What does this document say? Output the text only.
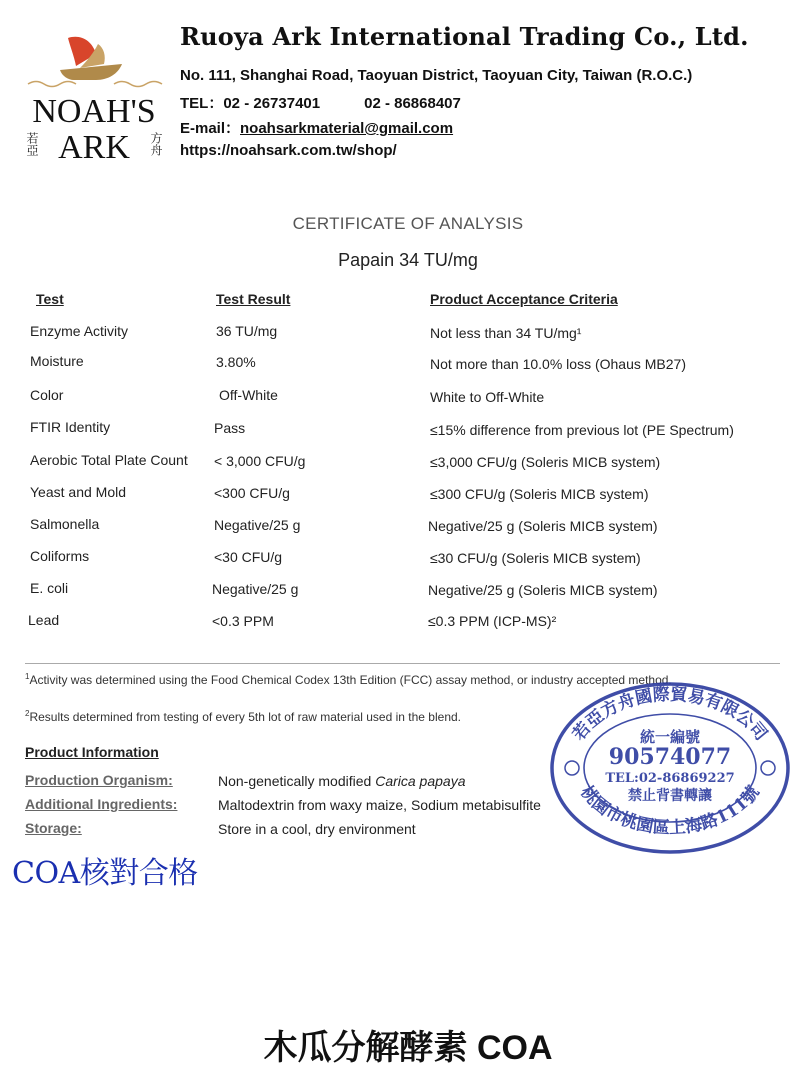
NOAH'S
若亞 ARK 方舟
Ruoya Ark International Trading Co., Ltd.
No. 111, Shanghai Road, Taoyuan District, Taoyuan City, Taiwan (R.O.C.)
TEL：02 - 26737401	02 - 86868407
E-mail：noahsarkmaterial@gmail.com
https://noahsark.com.tw/shop/
CERTIFICATE OF ANALYSIS
Papain 34 TU/mg
Test	Test Result	Product Acceptance Criteria
Enzyme Activity	36 TU/mg	Not less than 34 TU/mg¹
Moisture	3.80%	Not more than 10.0% loss (Ohaus MB27)
Color	Off-White	White to Off-White
FTIR Identity	Pass	≤15% difference from previous lot (PE Spectrum)
Aerobic Total Plate Count < 3,000 CFU/g	≤3,000 CFU/g (Soleris MICB system)
Yeast and Mold	<300 CFU/g	≤300 CFU/g (Soleris MICB system)
Salmonella	Negative/25 g	Negative/25 g (Soleris MICB system)
Coliforms	<30 CFU/g	≤30 CFU/g (Soleris MICB system)
E. coli	Negative/25 g	Negative/25 g (Soleris MICB system)
Lead	<0.3 PPM	≤0.3 PPM (ICP-MS)²
$^1$Activity was determined using the Food Chemical Codex 13th Edition (FCC) assay method, or industry accepted method.
$^2$Results determined from testing of every 5th lot of raw material used in the blend.
Product Information
Production Organism:	Non-genetically modified Carica papaya
Additional Ingredients:	Maltodextrin from waxy maize, Sodium metabisulfite
Storage:	Store in a cool, dry environment
COA核對合格
若亞方舟國際貿易有限公司
桃園市桃園區上海路111號
統一編號
90574077
TEL:02-86869227
禁止背書轉讓
木瓜分解酵素 COA
